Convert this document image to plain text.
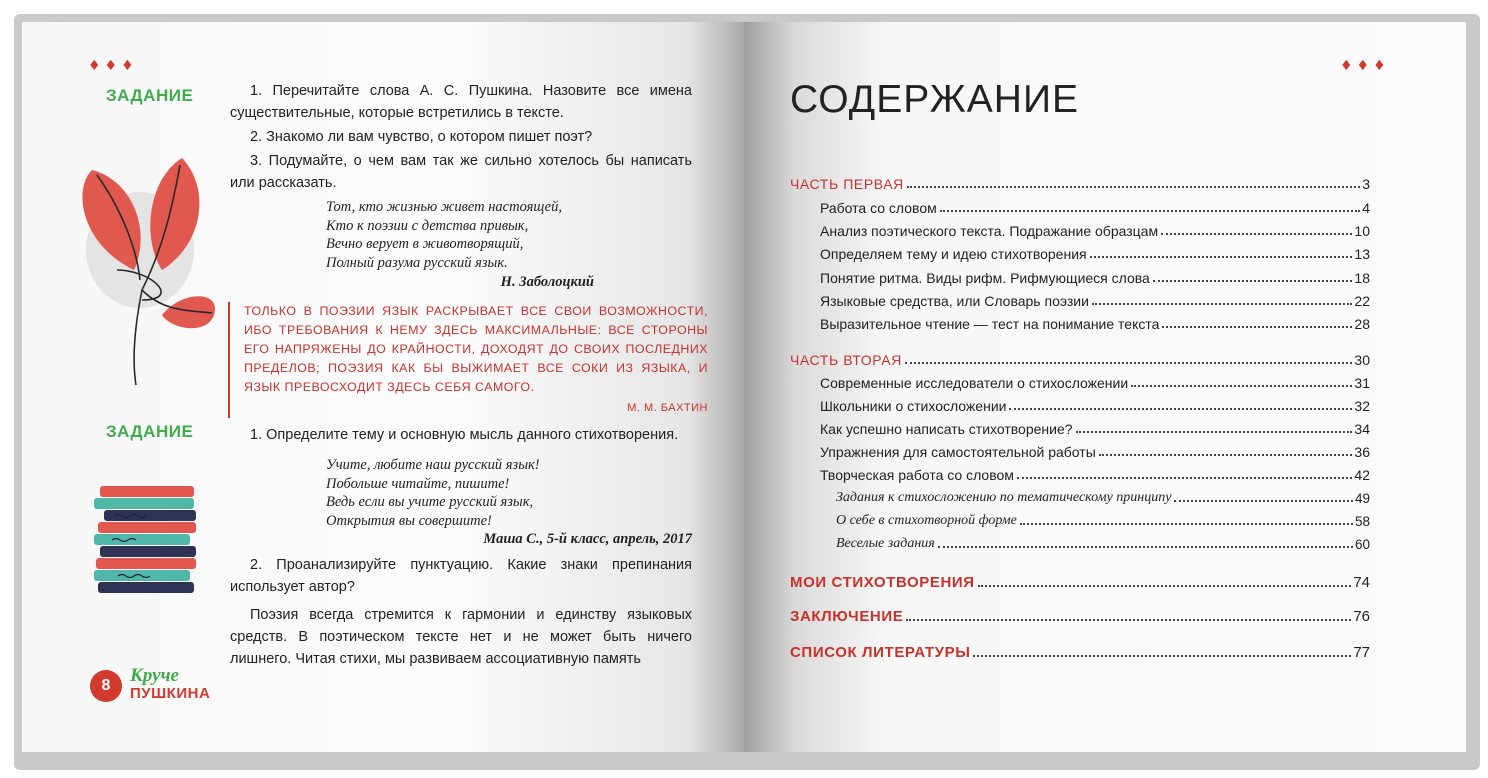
♦♦♦
ЗАДАНИЕ	1. Перечитайте слова А. С. Пушкина. Назовите все имена существительные, которые встретились в тексте.

2. Знакомо ли вам чувство, о котором пишет поэт?

3. Подумайте, о чем вам так же сильно хотелось бы написать или рассказать.

Тот, кто жизнью живет настоящей,
Кто к поэзии с детства привык,
Вечно верует в животворящий,
Полный разума русский язык.
Н. Заболоцкий
ТОЛЬКО В ПОЭЗИИ ЯЗЫК РАСКРЫВАЕТ ВСЕ СВОИ ВОЗМОЖНОСТИ, ИБО ТРЕБОВАНИЯ К НЕМУ ЗДЕСЬ МАКСИМАЛЬНЫЕ: ВСЕ СТОРОНЫ ЕГО НАПРЯЖЕНЫ ДО КРАЙНОСТИ, ДОХОДЯТ ДО СВОИХ ПОСЛЕДНИХ ПРЕДЕЛОВ; ПОЭЗИЯ КАК БЫ ВЫЖИМАЕТ ВСЕ СОКИ ИЗ ЯЗЫКА, И ЯЗЫК ПРЕВОСХОДИТ ЗДЕСЬ СЕБЯ САМОГО.
М. М. БАХТИН
ЗАДАНИЕ	1. Определите тему и основную мысль данного стихотворения.

Учите, любите наш русский язык!
Побольше читайте, пишите!
Ведь если вы учите русский язык,
Открытия вы совершите!
Маша С., 5-й класс, апрель, 2017

2. Проанализируйте пунктуацию. Какие знаки препинания использует автор?

Поэзия всегда стремится к гармонии и единству языковых средств. В поэтическом тексте нет и не может быть ничего лишнего. Читая стихи, мы развиваем ассоциативную память

8	Круче
ПУШКИНА
♦♦♦
СОДЕРЖАНИЕ
ЧАСТЬ ПЕРВАЯ	3
Работа со словом	4
Анализ поэтического текста. Подражание образцам	10
Определяем тему и идею стихотворения	13
Понятие ритма. Виды рифм. Рифмующиеся слова	18
Языковые средства, или Словарь поэзии	22
Выразительное чтение — тест на понимание текста	28
ЧАСТЬ ВТОРАЯ	30
Современные исследователи о стихосложении	31
Школьники о стихосложении	32
Как успешно написать стихотворение?	34
Упражнения для самостоятельной работы	36
Творческая работа со словом	42
Задания к стихосложению по тематическому принципу	49
О себе в стихотворной форме	58
Веселые задания	60
МОИ СТИХОТВОРЕНИЯ	74
ЗАКЛЮЧЕНИЕ	76
СПИСОК ЛИТЕРАТУРЫ	77
